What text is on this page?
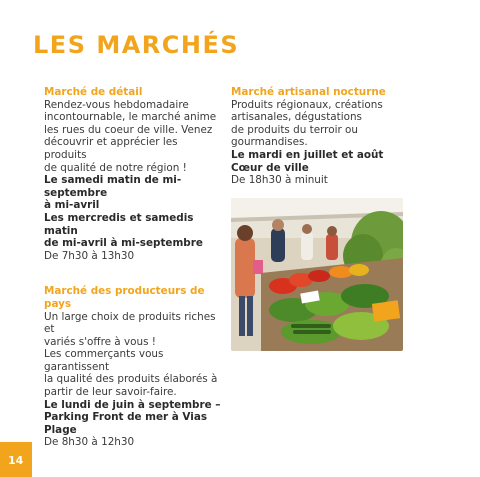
LES MARCHÉS
Marché de détail
Rendez-vous hebdomadaire
incontournable, le marché anime
les rues du coeur de ville. Venez
découvrir et apprécier les produits
de qualité de notre région !
Le samedi matin de mi-septembre
à mi-avril
Les mercredis et samedis matin
de mi-avril à mi-septembre
De 7h30 à 13h30
Marché des producteurs de pays
Un large choix de produits riches et
variés s'offre à vous !
Les commerçants vous garantissent
la qualité des produits élaborés à
partir de leur savoir-faire.
Le lundi de juin à septembre –
Parking Front de mer à Vias Plage
De 8h30 à 12h30
Marché artisanal nocturne
Produits régionaux, créations
artisanales, dégustations
de produits du terroir ou
gourmandises.
Le mardi en juillet et août
Cœur de ville
De 18h30 à minuit
14
